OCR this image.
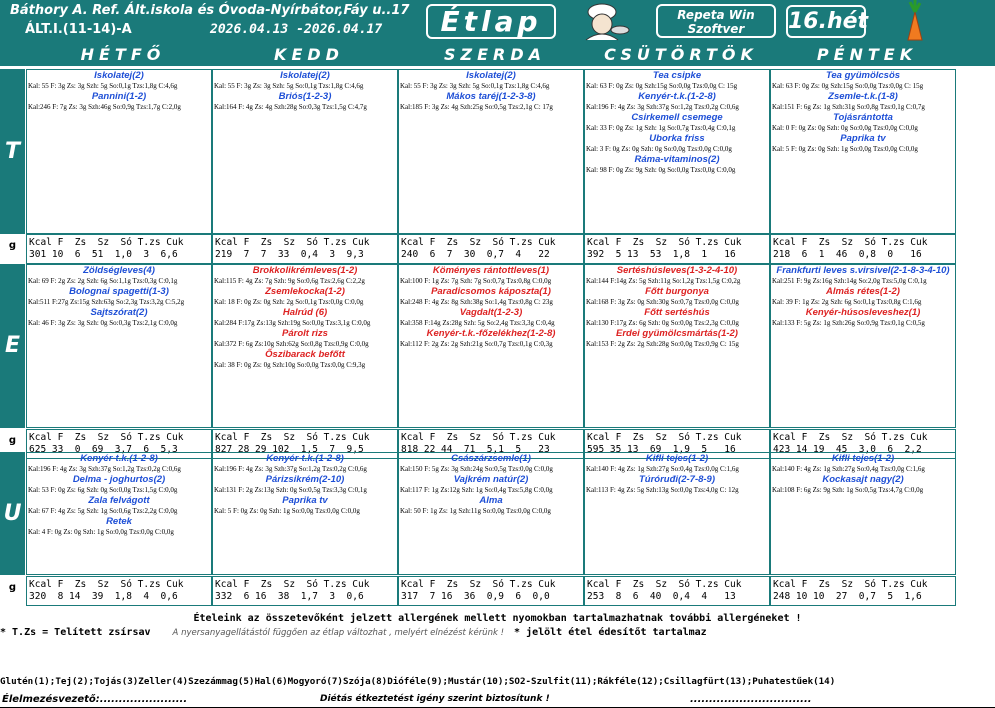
Báthory A. Ref. Ált.iskola és Óvoda-Nyírbátor,Fáy u..17
ÁLT.I.(11-14)-A	2026.04.13 -2026.04.17	Étlap	Repeta Win
Szoftver	16.hét
HÉTFŐ	KEDD	SZERDA	CSÜTÖRTÖK	PÉNTEK
T
g
Iskolatej(2)
Kal: 55 F: 3g Zs: 3g Szh: 5g So:0,1g Tzs:1,8g C:4,6g
Pannini(1-2)
Kal:246 F: 7g Zs: 3g Szh:46g So:0,9g Tzs:1,7g C:2,0g
Kcal F  Zs  Sz  Só T.zs Cuk
301 10  6  51  1,0  3  6,6
Iskolatej(2)
Kal: 55 F: 3g Zs: 3g Szh: 5g So:0,1g Tzs:1,8g C:4,6g
Briós(1-2-3)
Kal:164 F: 4g Zs: 4g Szh:28g So:0,3g Tzs:1,5g C:4,7g
Kcal F  Zs  Sz  Só T.zs Cuk
219  7  7  33  0,4  3  9,3
Iskolatej(2)
Kal: 55 F: 3g Zs: 3g Szh: 5g So:0,1g Tzs:1,8g C:4,6g
Mákos taréj(1-2-3-8)
Kal:185 F: 3g Zs: 4g Szh:25g So:0,5g Tzs:2,1g C: 17g
Kcal F  Zs  Sz  Só T.zs Cuk
240  6  7  30  0,7  4   22
Tea csipke
Kal: 63 F: 0g Zs: 0g Szh:15g So:0,0g Tzs:0,0g C: 15g
Kenyér-t.k.(1-2-8)
Kal:196 F: 4g Zs: 3g Szh:37g So:1,2g Tzs:0,2g C:0,6g
Csirkemell csemege
Kal: 33 F: 0g Zs: 1g Szh: 1g So:0,7g Tzs:0,4g C:0,1g
Uborka friss
Kal: 3 F: 0g Zs: 0g Szh: 0g So:0,0g Tzs:0,0g C:0,0g
Ráma-vitaminos(2)
Kal: 98 F: 0g Zs: 9g Szh: 0g So:0,0g Tzs:0,0g C:0,0g
Kcal F  Zs  Sz  Só T.zs Cuk
392  5 13  53  1,8  1   16
Tea gyümölcsös
Kal: 63 F: 0g Zs: 0g Szh:15g So:0,0g Tzs:0,0g C: 15g
Zsemle-t.k.(1-8)
Kal:151 F: 6g Zs: 1g Szh:31g So:0,8g Tzs:0,1g C:0,7g
Tojásrántotta
Kal: 0 F: 0g Zs: 0g Szh: 0g So:0,0g Tzs:0,0g C:0,0g
Paprika tv
Kal: 5 F: 0g Zs: 0g Szh: 1g So:0,0g Tzs:0,0g C:0,0g
Kcal F  Zs  Sz  Só T.zs Cuk
218  6  1  46  0,8  0   16
E
g
Zöldségleves(4)
Kal: 69 F: 2g Zs: 2g Szh: 6g So:1,1g Tzs:0,3g C:0,1g
Bolognai spagetti(1-3)
Kal:511 F:27g Zs:15g Szh:63g So:2,3g Tzs:3,2g C:5,2g
Sajtszórat(2)
Kal: 46 F: 3g Zs: 3g Szh: 0g So:0,3g Tzs:2,1g C:0,0g
Kcal F  Zs  Sz  Só T.zs Cuk
625 33  0  69  3,7  6  5,3
Brokkolikrémleves(1-2)
Kal:115 F: 4g Zs: 7g Szh: 9g So:0,6g Tzs:2,6g C:2,2g
Zsemlekocka(1-2)
Kal: 18 F: 0g Zs: 0g Szh: 2g So:0,1g Tzs:0,0g C:0,0g
Halrúd (6)
Kal:284 F:17g Zs:13g Szh:19g So:0,0g Tzs:3,1g C:0,0g
Párolt rizs
Kal:372 F: 6g Zs:10g Szh:62g So:0,8g Tzs:0,9g C:0,0g
Őszibarack befőtt
Kal: 38 F: 0g Zs: 0g Szh:10g So:0,0g Tzs:0,0g C:9,3g
Kcal F  Zs  Sz  Só T.zs Cuk
827 28 29 102  1,5  7  9,5
Köményes rántottleves(1)
Kal:100 F: 1g Zs: 7g Szh: 7g So:0,7g Tzs:0,8g C:0,0g
Paradicsomos káposzta(1)
Kal:248 F: 4g Zs: 8g Szh:38g So:1,4g Tzs:0,8g C: 23g
Vagdalt(1-2-3)
Kal:358 F:14g Zs:28g Szh: 5g So:2,4g Tzs:3,3g C:0,4g
Kenyér-t.k.-főzelékhez(1-2-8)
Kal:112 F: 2g Zs: 2g Szh:21g So:0,7g Tzs:0,1g C:0,3g
Kcal F  Zs  Sz  Só T.zs Cuk
818 22 44  71  5,1  5   23
Sertéshúsleves(1-3-2-4-10)
Kal:144 F:14g Zs: 5g Szh:11g So:1,2g Tzs:1,5g C:0,2g
Főtt burgonya
Kal:168 F: 3g Zs: 0g Szh:30g So:0,7g Tzs:0,0g C:0,0g
Főtt sertéshús
Kal:130 F:17g Zs: 6g Szh: 0g So:0,0g Tzs:2,3g C:0,0g
Erdei gyümölcsmártás(1-2)
Kal:153 F: 2g Zs: 2g Szh:28g So:0,0g Tzs:0,9g C: 15g
Kcal F  Zs  Sz  Só T.zs Cuk
595 35 13  69  1,9  5   16
Frankfurti leves s.virsivel(2-1-8-3-4-10)
Kal:251 F: 9g Zs:16g Szh:14g So:2,0g Tzs:5,0g C:0,1g
Almás rétes(1-2)
Kal: 39 F: 1g Zs: 2g Szh: 6g So:0,1g Tzs:0,8g C:1,6g
Kenyér-húsosleveshez(1)
Kal:133 F: 5g Zs: 1g Szh:26g So:0,9g Tzs:0,1g C:0,5g
Kcal F  Zs  Sz  Só T.zs Cuk
423 14 19  45  3,0  6  2,2
U
g
Kenyér-t.k.(1-2-8)
Kal:196 F: 4g Zs: 3g Szh:37g So:1,2g Tzs:0,2g C:0,6g
Delma - joghurtos(2)
Kal: 53 F: 0g Zs: 6g Szh: 0g So:0,0g Tzs:1,5g C:0,0g
Zala felvágott
Kal: 67 F: 4g Zs: 5g Szh: 1g So:0,6g Tzs:2,2g C:0,0g
Retek
Kal: 4 F: 0g Zs: 0g Szh: 1g So:0,0g Tzs:0,0g C:0,0g
Kcal F  Zs  Sz  Só T.zs Cuk
320  8 14  39  1,8  4  0,6
Kenyér-t.k.(1-2-8)
Kal:196 F: 4g Zs: 3g Szh:37g So:1,2g Tzs:0,2g C:0,6g
Párizsikrém(2-10)
Kal:131 F: 2g Zs:13g Szh: 0g So:0,5g Tzs:3,3g C:0,1g
Paprika tv
Kal: 5 F: 0g Zs: 0g Szh: 1g So:0,0g Tzs:0,0g C:0,0g
Kcal F  Zs  Sz  Só T.zs Cuk
332  6 16  38  1,7  3  0,6
Császárzsemle(1)
Kal:150 F: 5g Zs: 3g Szh:24g So:0,5g Tzs:0,0g C:0,0g
Vajkrém natúr(2)
Kal:117 F: 1g Zs:12g Szh: 1g So:0,4g Tzs:5,8g C:0,0g
Alma
Kal: 50 F: 1g Zs: 1g Szh:11g So:0,0g Tzs:0,0g C:0,0g
Kcal F  Zs  Sz  Só T.zs Cuk
317  7 16  36  0,9  6  0,0
Kifli tejes(1-2)
Kal:140 F: 4g Zs: 1g Szh:27g So:0,4g Tzs:0,0g C:1,6g
Túróruđi(2-7-8-9)
Kal:113 F: 4g Zs: 5g Szh:13g So:0,0g Tzs:4,0g C: 12g
Kcal F  Zs  Sz  Só T.zs Cuk
253  8  6  40  0,4  4   13
Kifli tejes(1-2)
Kal:140 F: 4g Zs: 1g Szh:27g So:0,4g Tzs:0,0g C:1,6g
Kockasajt nagy(2)
Kal:108 F: 6g Zs: 9g Szh: 1g So:0,5g Tzs:4,7g C:0,0g
Kcal F  Zs  Sz  Só T.zs Cuk
248 10 10  27  0,7  5  1,6
Ételeink az összetevőként jelzett allergének mellett nyomokban tartalmazhatnak további allergéneket !
* T.Zs = Telített zsírsav	A nyersanyagellátástól függően az étlap változhat , melyért elnézést kérünk ! * jelölt étel édesítőt tartalmaz
Glutén(1);Tej(2);Tojás(3)Zeller(4)Szezámmag(5)Hal(6)Mogyoró(7)Szója(8)Dióféle(9);Mustár(10);SO2-Szulfit(11);Rákféle(12);Csillagfürt(13);Puhatestűek(14)
Élelmezésvezető:.......................	Diétás étkeztetést igény szerint biztosítunk !	................................
